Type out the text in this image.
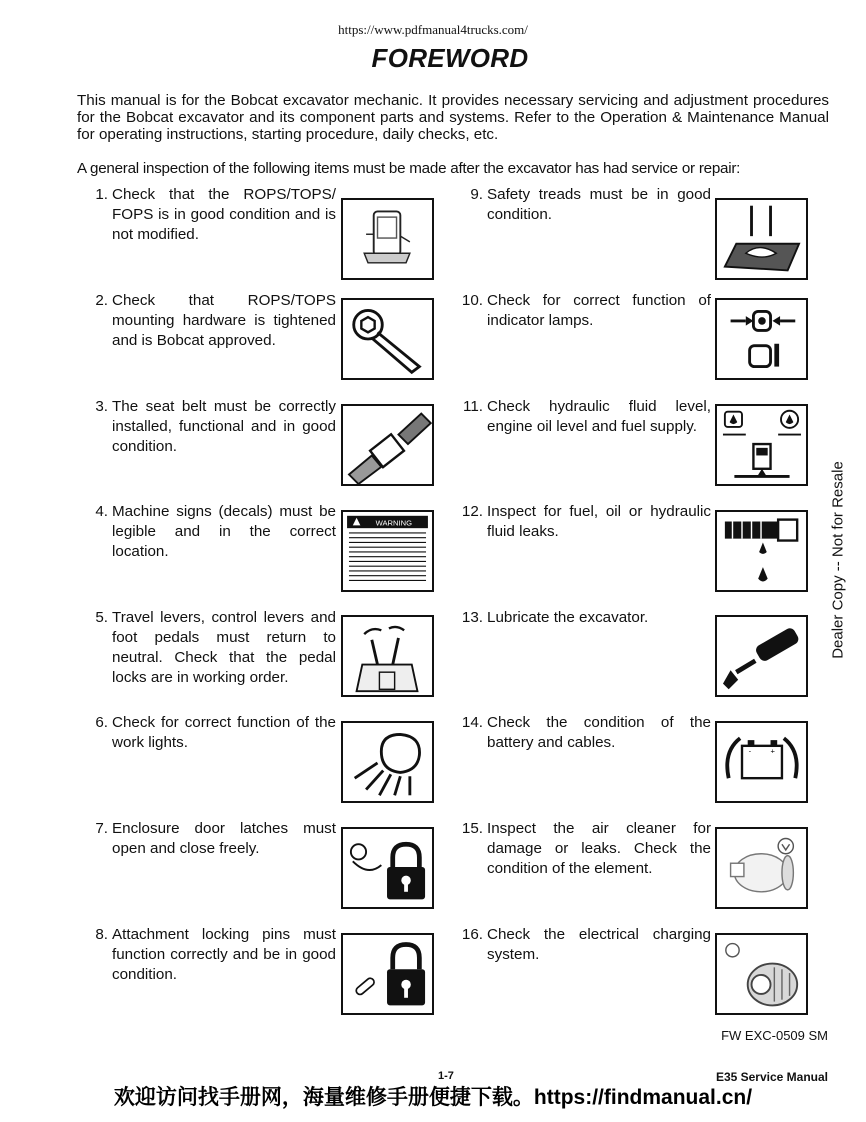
https://www.pdfmanual4trucks.com/
FOREWORD
This manual is for the Bobcat excavator mechanic. It provides necessary servicing and adjustment procedures for the Bobcat excavator and its component parts and systems. Refer to the Operation & Maintenance Manual for operating instructions, starting procedure, daily checks, etc.
A general inspection of the following items must be made after the excavator has had service or repair:
1. Check that the ROPS/TOPS/ FOPS is in good condition and is not modified.
2. Check that ROPS/TOPS mounting hardware is tightened and is Bobcat approved.
3. The seat belt must be correctly installed, functional and in good condition.
4. Machine signs (decals) must be legible and in the correct location.
5. Travel levers, control levers and foot pedals must return to neutral. Check that the pedal locks are in working order.
6. Check for correct function of the work lights.
7. Enclosure door latches must open and close freely.
8. Attachment locking pins must function correctly and be in good condition.
9. Safety treads must be in good condition.
10. Check for correct function of indicator lamps.
11. Check hydraulic fluid level, engine oil level and fuel supply.
12. Inspect for fuel, oil or hydraulic fluid leaks.
13. Lubricate the excavator.
14. Check the condition of the battery and cables.
15. Inspect the air cleaner for damage or leaks. Check the condition of the element.
16. Check the electrical charging system.
WARNING
- +
FW EXC-0509 SM
Dealer Copy -- Not for Resale
1-7	E35 Service Manual
欢迎访问找手册网，海量维修手册便捷下载。https://findmanual.cn/
